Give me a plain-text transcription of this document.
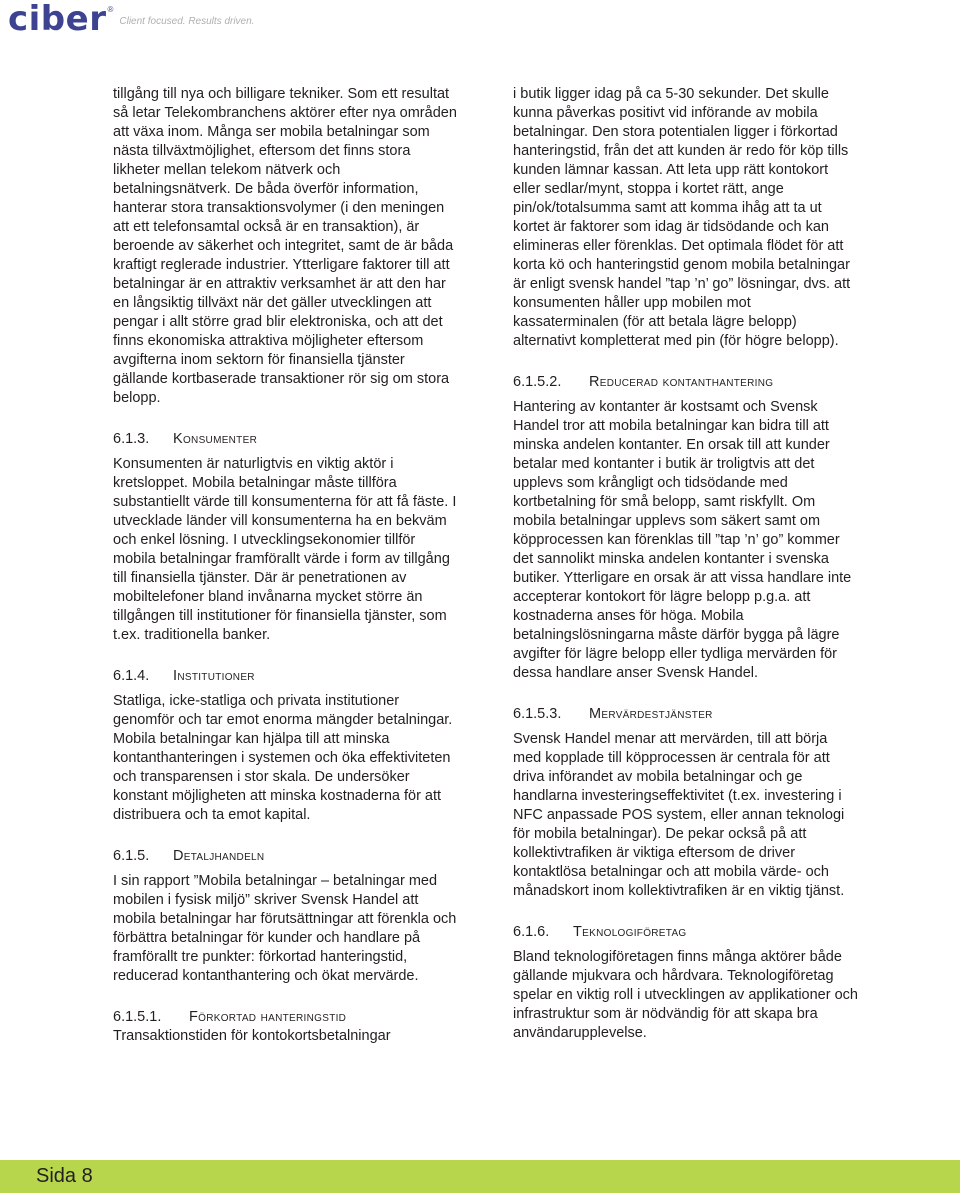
ciber ®
Client focused. Results driven.

tillgång till nya och billigare tekniker. Som ett resultat så letar Telekombranchens aktörer efter nya områden att växa inom. Många ser mobila betalningar som nästa tillväxtmöjlighet, eftersom det finns stora likheter mellan telekom nätverk och betalningsnätverk. De båda överför information, hanterar stora transaktionsvolymer (i den meningen att ett telefonsamtal också är en transaktion), är beroende av säkerhet och integritet, samt de är båda kraftigt reglerade industrier. Ytterligare faktorer till att betalningar är en attraktiv verksamhet är att den har en långsiktig tillväxt när det gäller utvecklingen att pengar i allt större grad blir elektroniska, och att det finns ekonomiska attraktiva möjligheter eftersom avgifterna inom sektorn för finansiella tjänster gällande kortbaserade transaktioner rör sig om stora belopp.

6.1.3. Konsumenter

Konsumenten är naturligtvis en viktig aktör i kretsloppet. Mobila betalningar måste tillföra substantiellt värde till konsumenterna för att få fäste. I utvecklade länder vill konsumenterna ha en bekväm och enkel lösning. I utvecklingsekonomier tillför mobila betalningar framförallt värde i form av tillgång till finansiella tjänster. Där är penetrationen av mobiltelefoner bland invånarna mycket större än tillgången till institutioner för finansiella tjänster, som t.ex. traditionella banker.

6.1.4. Institutioner

Statliga, icke-statliga och privata institutioner genomför och tar emot enorma mängder betalningar. Mobila betalningar kan hjälpa till att minska kontanthanteringen i systemen och öka effektiviteten och transparensen i stor skala. De undersöker konstant möjligheten att minska kostnaderna för att distribuera och ta emot kapital.

6.1.5. Detaljhandeln

I sin rapport ”Mobila betalningar – betalningar med mobilen i fysisk miljö” skriver Svensk Handel att mobila betalningar har förutsättningar att förenkla och förbättra betalningar för kunder och handlare på framförallt tre punkter: förkortad hanteringstid, reducerad kontanthantering och ökat mervärde.

6.1.5.1. Förkortad hanteringstid

Transaktionstiden för kontokortsbetalningar

i butik ligger idag på ca 5-30 sekunder. Det skulle kunna påverkas positivt vid införande av mobila betalningar. Den stora potentialen ligger i förkortad hanteringstid, från det att kunden är redo för köp tills kunden lämnar kassan. Att leta upp rätt kontokort eller sedlar/mynt, stoppa i kortet rätt, ange pin/ok/totalsumma samt att komma ihåg att ta ut kortet är faktorer som idag är tidsödande och kan elimineras eller förenklas. Det optimala flödet för att korta kö och hanteringstid genom mobila betalningar är enligt svensk handel ”tap ’n’ go” lösningar, dvs. att konsumenten håller upp mobilen mot kassaterminalen (för att betala lägre belopp) alternativt kompletterat med pin (för högre belopp).

6.1.5.2. Reducerad kontanthantering

Hantering av kontanter är kostsamt och Svensk Handel tror att mobila betalningar kan bidra till att minska andelen kontanter. En orsak till att kunder betalar med kontanter i butik är troligtvis att det upplevs som krångligt och tidsödande med kortbetalning för små belopp, samt riskfyllt. Om mobila betalningar upplevs som säkert samt om köpprocessen kan förenklas till ”tap ’n’ go” kommer det sannolikt minska andelen kontanter i svenska butiker. Ytterligare en orsak är att vissa handlare inte accepterar kontokort för lägre belopp p.g.a. att kostnaderna anses för höga. Mobila betalningslösningarna måste därför bygga på lägre avgifter för lägre belopp eller tydliga mervärden för dessa handlare anser Svensk Handel.

6.1.5.3. Mervärdestjänster

Svensk Handel menar att mervärden, till att börja med kopplade till köpprocessen är centrala för att driva införandet av mobila betalningar och ge handlarna investeringseffektivitet (t.ex. investering i NFC anpassade POS system, eller annan teknologi för mobila betalningar). De pekar också på att kollektivtrafiken är viktiga eftersom de driver kontaktlösa betalningar och att mobila värde- och månadskort inom kollektivtrafiken är en viktig tjänst.

6.1.6. Teknologiföretag

Bland teknologiföretagen finns många aktörer både gällande mjukvara och hårdvara. Teknologiföretag spelar en viktig roll i utvecklingen av applikationer och infrastruktur som är nödvändig för att skapa bra användarupplevelse.

Sida 8
